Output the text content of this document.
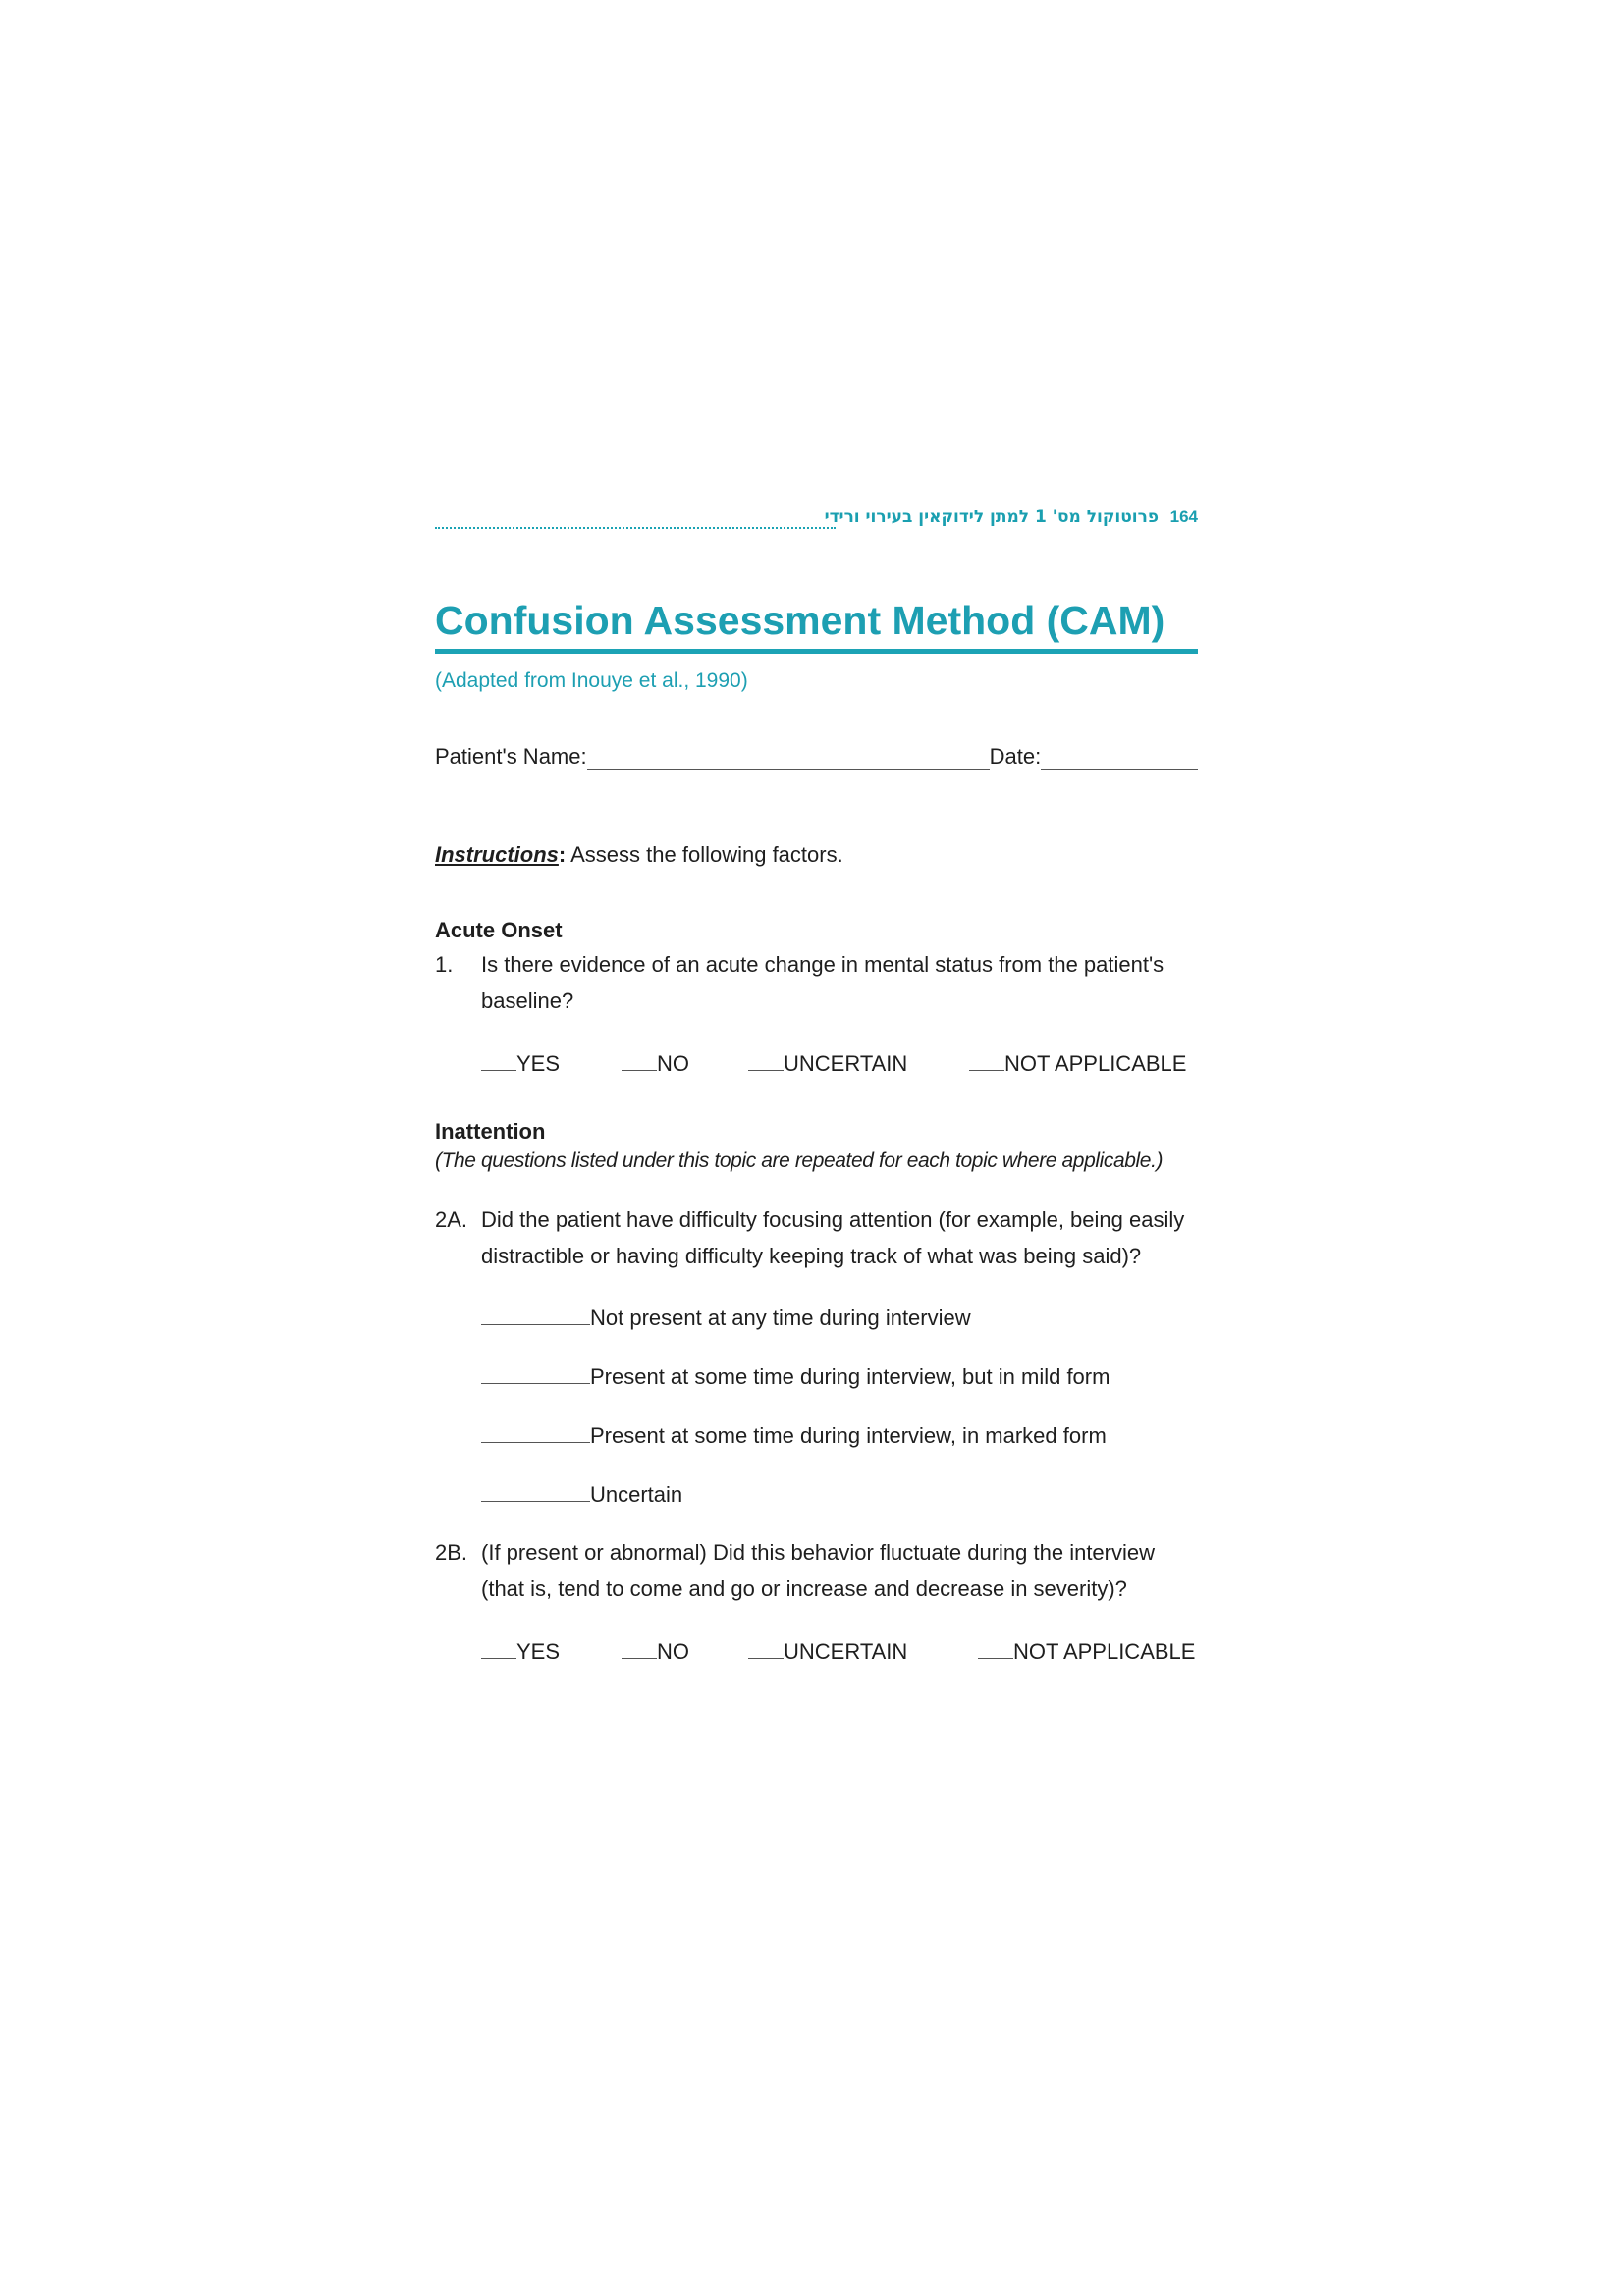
פרוטוקול מס' 1 למתן לידוקאין בעירוי ורידי 164
Confusion Assessment Method (CAM)
(Adapted from Inouye et al., 1990)
Patient's Name:	Date:
Instructions: Assess the following factors.
Acute Onset
1. Is there evidence of an acute change in mental status from the patient's baseline?
YES	NO	UNCERTAIN	NOT APPLICABLE
Inattention
(The questions listed under this topic are repeated for each topic where applicable.)
2A. Did the patient have difficulty focusing attention (for example, being easily distractible or having difficulty keeping track of what was being said)?
Not present at any time during interview
Present at some time during interview, but in mild form
Present at some time during interview, in marked form
Uncertain
2B. (If present or abnormal) Did this behavior fluctuate during the interview (that is, tend to come and go or increase and decrease in severity)?
YES	NO	UNCERTAIN	NOT APPLICABLE
